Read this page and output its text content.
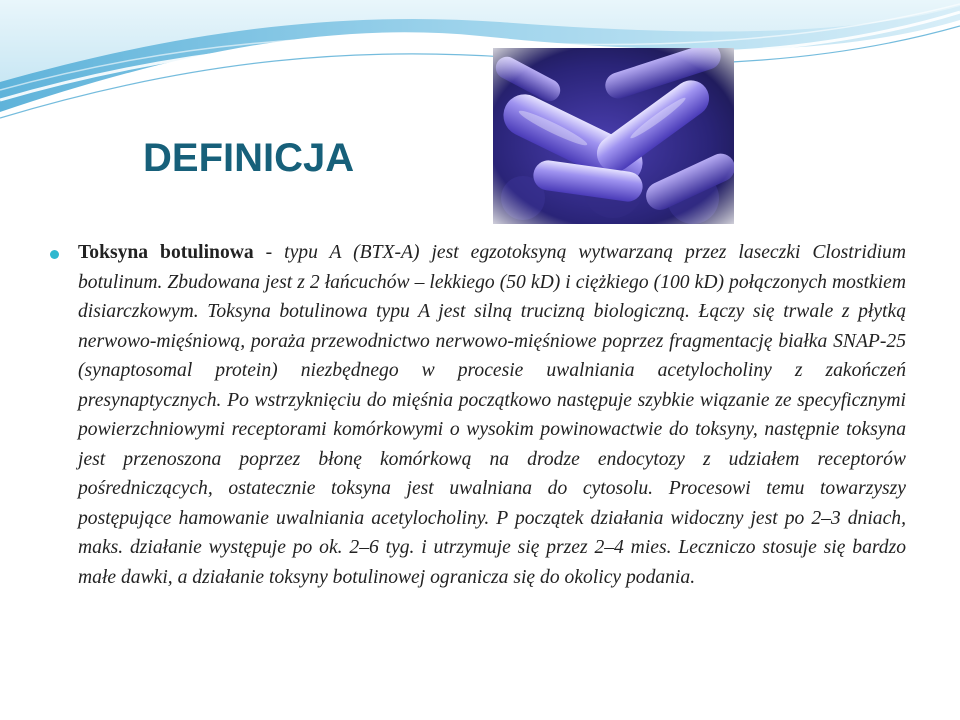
DEFINICJA

Toksyna botulinowa - typu A (BTX-A) jest egzotoksyną wytwarzaną przez laseczki Clostridium botulinum. Zbudowana jest z 2 łańcuchów – lekkiego (50 kD) i ciężkiego (100 kD) połączonych mostkiem disiarczkowym. Toksyna botulinowa typu A jest silną trucizną biologiczną. Łączy się trwale z płytką nerwowo-mięśniową, poraża przewodnictwo nerwowo-mięśniowe poprzez fragmentację białka SNAP-25 (synaptosomal protein) niezbędnego w procesie uwalniania acetylocholiny z zakończeń presynaptycznych. Po wstrzyknięciu do mięśnia początkowo następuje szybkie wiązanie ze specyficznymi powierzchniowymi receptorami komórkowymi o wysokim powinowactwie do toksyny, następnie toksyna jest przenoszona poprzez błonę komórkową na drodze endocytozy z udziałem receptorów pośredniczących, ostatecznie toksyna jest uwalniana do cytosolu. Procesowi temu towarzyszy postępujące hamowanie uwalniania acetylocholiny. P początek działania widoczny jest po 2–3 dniach, maks. działanie występuje po ok. 2–6 tyg. i utrzymuje się przez 2–4 mies. Leczniczo stosuje się bardzo małe dawki, a działanie toksyny botulinowej ogranicza się do okolicy podania.
